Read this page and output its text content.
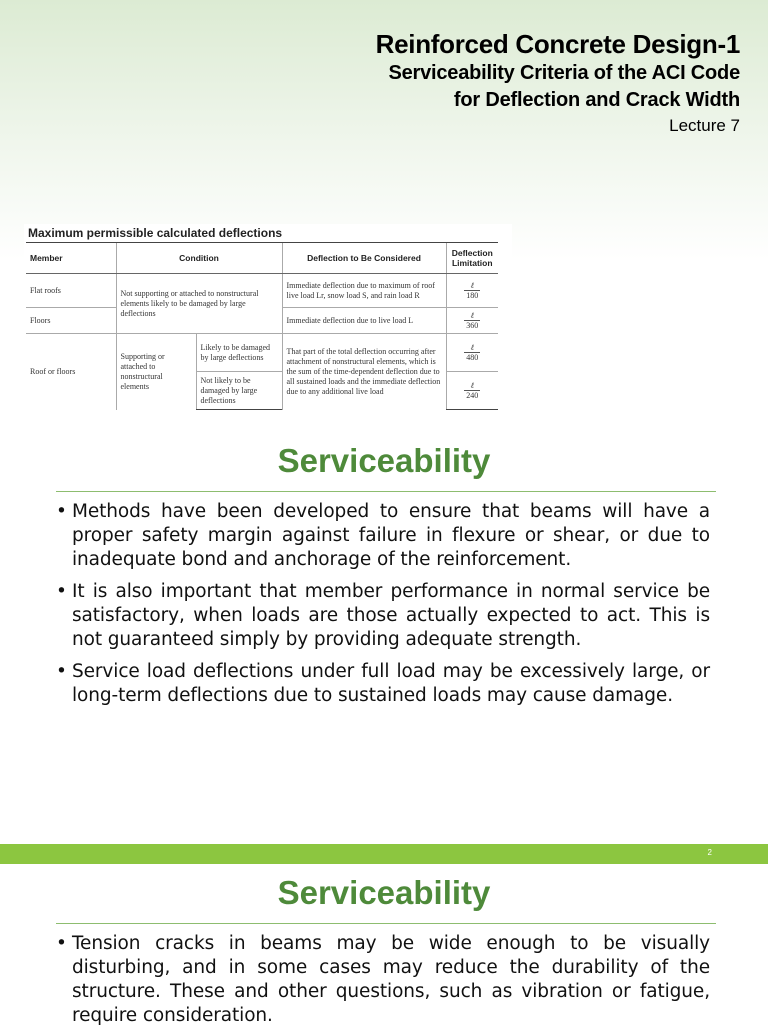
Reinforced Concrete Design-1
Serviceability Criteria of the ACI Code
for Deflection and Crack Width
Lecture 7
Maximum permissible calculated deflections
Member	Condition		Deflection to Be Considered	Deflection Limitation
Flat roofs	Not supporting or attached to nonstructural elements likely to be damaged by large deflections		Immediate deflection due to maximum of roof live load Lr, snow load S, and rain load R	$\frac{\text{ℓ}}{180}$

Floors			Immediate deflection due to live load L	$\frac{\text{ℓ}}{360}$

Roof or floors	Supporting or attached to nonstructural elements	Likely to be damaged by large deflections	That part of the total deflection occurring after attachment of nonstructural elements, which is the sum of the time-dependent deflection due to all sustained loads and the immediate deflection due to any additional live load	$\frac{\text{ℓ}}{480}$

		Not likely to be damaged by large deflections		$\frac{\text{ℓ}}{240}$
Serviceability
• Methods have been developed to ensure that beams will have a proper safety margin against failure in flexure or shear, or due to inadequate bond and anchorage of the reinforcement.
• It is also important that member performance in normal service be satisfactory, when loads are those actually expected to act. This is not guaranteed simply by providing adequate strength.
• Service load deflections under full load may be excessively large, or long-term deflections due to sustained loads may cause damage.
2
Serviceability
• Tension cracks in beams may be wide enough to be visually disturbing, and in some cases may reduce the durability of the structure. These and other questions, such as vibration or fatigue, require consideration.
